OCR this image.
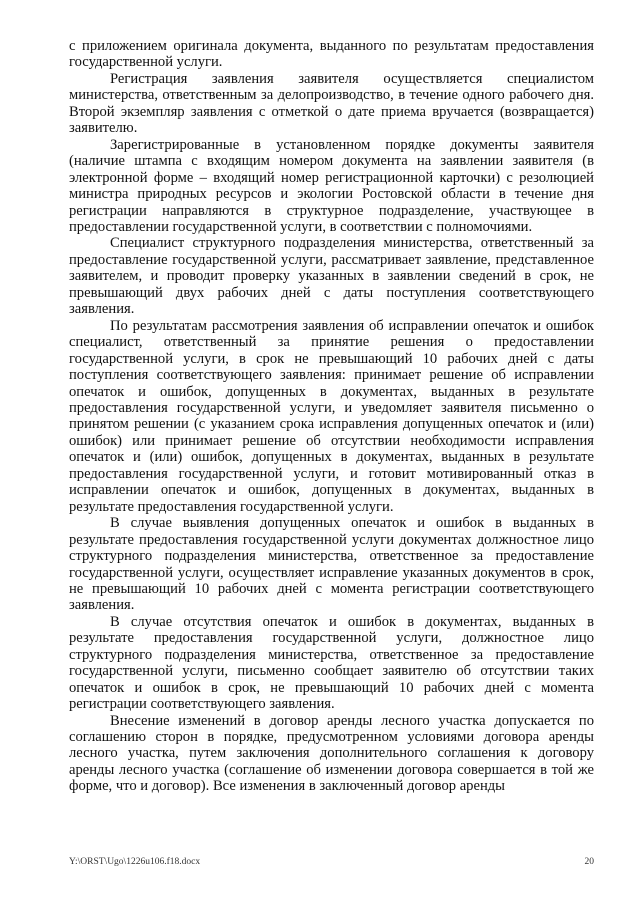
с приложением оригинала документа, выданного по результатам предоставления государственной услуги.

Регистрация заявления заявителя осуществляется специалистом министерства, ответственным за делопроизводство, в течение одного рабочего дня. Второй экземпляр заявления с отметкой о дате приема вручается (возвращается) заявителю.

Зарегистрированные в установленном порядке документы заявителя (наличие штампа с входящим номером документа на заявлении заявителя (в электронной форме – входящий номер регистрационной карточки) с резолюцией министра природных ресурсов и экологии Ростовской области в течение дня регистрации направляются в структурное подразделение, участвующее в предоставлении государственной услуги, в соответствии с полномочиями.

Специалист структурного подразделения министерства, ответственный за предоставление государственной услуги, рассматривает заявление, представленное заявителем, и проводит проверку указанных в заявлении сведений в срок, не превышающий двух рабочих дней с даты поступления соответствующего заявления.

По результатам рассмотрения заявления об исправлении опечаток и ошибок специалист, ответственный за принятие решения о предоставлении государственной услуги, в срок не превышающий 10 рабочих дней с даты поступления соответствующего заявления: принимает решение об исправлении опечаток и ошибок, допущенных в документах, выданных в результате предоставления государственной услуги, и уведомляет заявителя письменно о принятом решении (с указанием срока исправления допущенных опечаток и (или) ошибок) или принимает решение об отсутствии необходимости исправления опечаток и (или) ошибок, допущенных в документах, выданных в результате предоставления государственной услуги, и готовит мотивированный отказ в исправлении опечаток и ошибок, допущенных в документах, выданных в результате предоставления государственной услуги.

В случае выявления допущенных опечаток и ошибок в выданных в результате предоставления государственной услуги документах должностное лицо структурного подразделения министерства, ответственное за предоставление государственной услуги, осуществляет исправление указанных документов в срок, не превышающий 10 рабочих дней с момента регистрации соответствующего заявления.

В случае отсутствия опечаток и ошибок в документах, выданных в результате предоставления государственной услуги, должностное лицо структурного подразделения министерства, ответственное за предоставление государственной услуги, письменно сообщает заявителю об отсутствии таких опечаток и ошибок в срок, не превышающий 10 рабочих дней с момента регистрации соответствующего заявления.

Внесение изменений в договор аренды лесного участка допускается по соглашению сторон в порядке, предусмотренном условиями договора аренды лесного участка, путем заключения дополнительного соглашения к договору аренды лесного участка (соглашение об изменении договора совершается в той же форме, что и договор). Все изменения в заключенный договор аренды

Y:\ORST\Ugo\1226u106.f18.docx	20
